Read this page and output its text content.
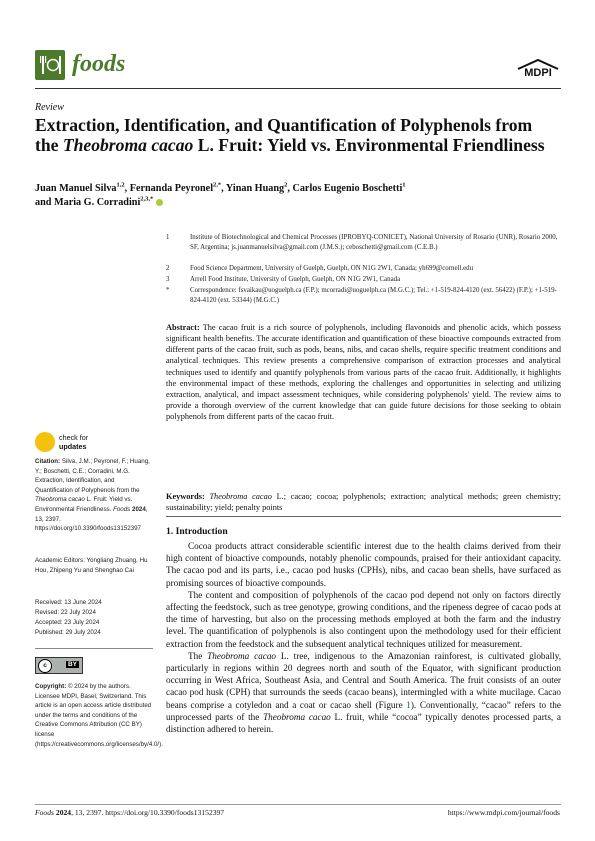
foods	MDPI
Review
Extraction, Identification, and Quantification of Polyphenols from the Theobroma cacao L. Fruit: Yield vs. Environmental Friendliness
Juan Manuel Silva$^{1,2}$, Fernanda Peyronel$^{2,*}$, Yinan Huang$^2$, Carlos Eugenio Boschetti$^1$
and Maria G. Corradini$^{2,3,*}$
1	Institute of Biotechnological and Chemical Processes (IPROBYQ-CONICET), National University of Rosario (UNR), Rosario 2000, SF, Argentina; js.juanmanuelsilva@gmail.com (J.M.S.); ceboschetti@gmail.com (C.E.B.)
2	Food Science Department, University of Guelph, Guelph, ON N1G 2W1, Canada; yh699@cornell.edu
3	Arrell Food Institute, University of Guelph, Guelph, ON N1G 2W1, Canada
*	Correspondence: fsvaikau@uoguelph.ca (F.P.); mcorradi@uoguelph.ca (M.G.C.); Tel.: +1-519-824-4120 (ext. 56422) (F.P.); +1-519-824-4120 (ext. 53344) (M.G.C.)
Abstract: The cacao fruit is a rich source of polyphenols, including flavonoids and phenolic acids, which possess significant health benefits. The accurate identification and quantification of these bioactive compounds extracted from different parts of the cacao fruit, such as pods, beans, nibs, and cacao shells, require specific treatment conditions and analytical techniques. This review presents a comprehensive comparison of extraction processes and analytical techniques used to identify and quantify polyphenols from various parts of the cacao fruit. Additionally, it highlights the environmental impact of these methods, exploring the challenges and opportunities in selecting and utilizing extraction, analytical, and impact assessment techniques, while considering polyphenols' yield. The review aims to provide a thorough overview of the current knowledge that can guide future decisions for those seeking to obtain polyphenols from different parts of the cacao fruit.
Keywords: Theobroma cacao L.; cacao; cocoa; polyphenols; extraction; analytical methods; green chemistry; sustainability; yield; penalty points
check for
updates
Citation: Silva, J.M.; Peyronel, F.; Huang, Y.; Boschetti, C.E.; Corradini, M.G. Extraction, Identification, and Quantification of Polyphenols from the Theobroma cacao L. Fruit: Yield vs. Environmental Friendliness. Foods 2024, 13, 2397. https://doi.org/10.3390/foods13152397
Academic Editors: Yongliang Zhuang, Hu Hou, Zhipeng Yu and Shenghao Cai
Received: 13 June 2024
Revised: 22 July 2024
Accepted: 23 July 2024
Published: 29 July 2024
c	BY
Copyright: © 2024 by the authors. Licensee MDPI, Basel, Switzerland. This article is an open access article distributed under the terms and conditions of the Creative Commons Attribution (CC BY) license (https://creativecommons.org/licenses/by/4.0/).
1. Introduction

Cocoa products attract considerable scientific interest due to the health claims derived from their high content of bioactive compounds, notably phenolic compounds, praised for their antioxidant capacity. The cacao pod and its parts, i.e., cacao pod husks (CPHs), nibs, and cacao bean shells, have surfaced as promising sources of bioactive compounds.

The content and composition of polyphenols of the cacao pod depend not only on factors directly affecting the feedstock, such as tree genotype, growing conditions, and the ripeness degree of cacao pods at the time of harvesting, but also on the processing methods employed at both the farm and the industry level. The quantification of polyphenols is also contingent upon the methodology used for their efficient extraction from the feedstock and the subsequent analytical techniques utilized for measurement.

The Theobroma cacao L. tree, indigenous to the Amazonian rainforest, is cultivated globally, particularly in regions within 20 degrees north and south of the Equator, with significant production occurring in West Africa, Southeast Asia, and Central and South America. The fruit consists of an outer cacao pod husk (CPH) that surrounds the seeds (cacao beans), intermingled with a white mucilage. Cacao beans comprise a cotyledon and a coat or cacao shell (Figure 1). Conventionally, “cacao” refers to the unprocessed parts of the Theobroma cacao L. fruit, while “cocoa” typically denotes processed parts, a distinction adhered to herein.

Foods 2024, 13, 2397. https://doi.org/10.3390/foods13152397	https://www.mdpi.com/journal/foods
